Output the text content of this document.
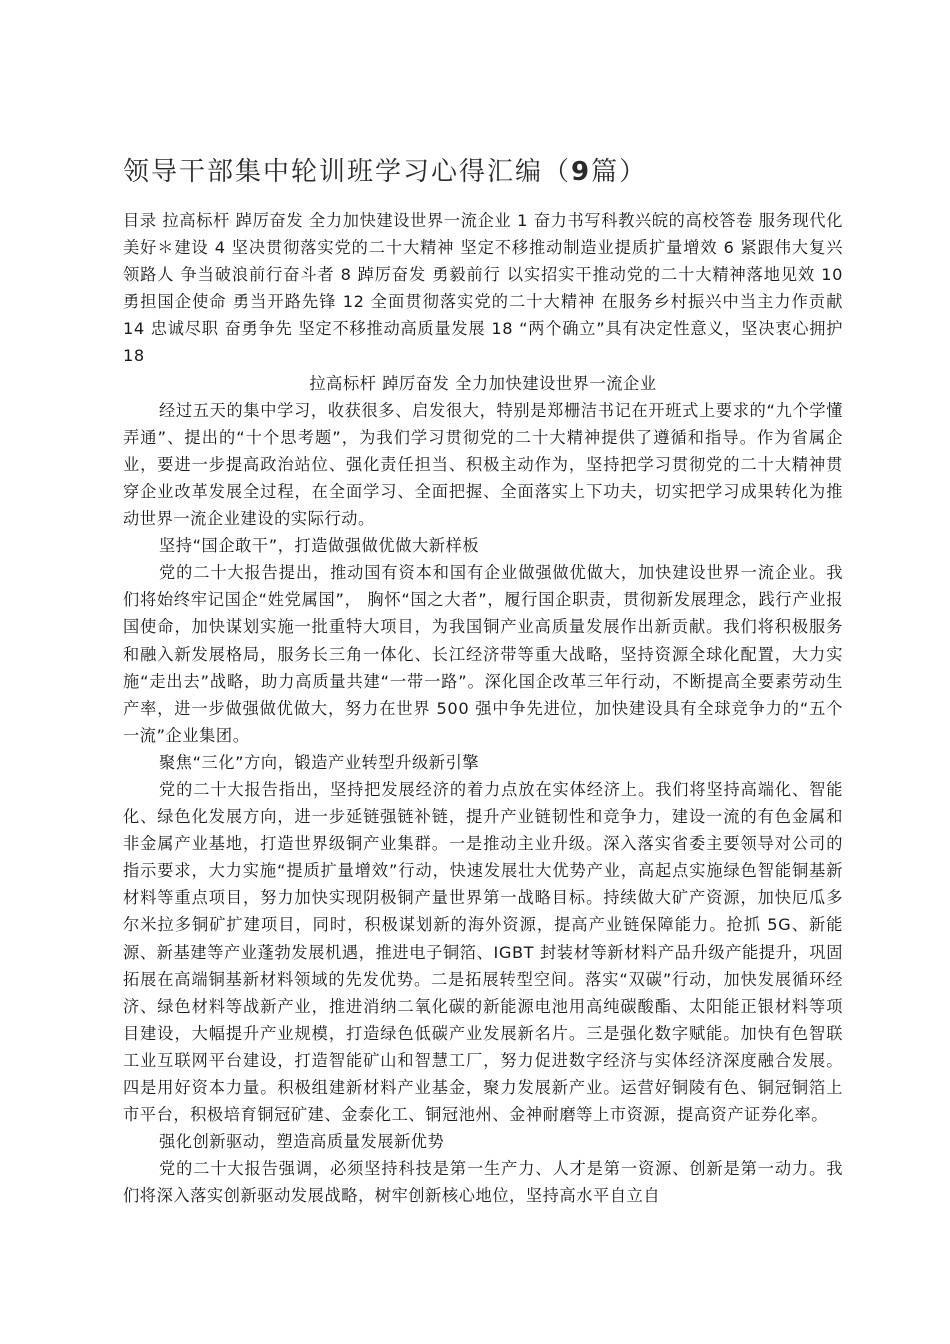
领导干部集中轮训班学习心得汇编（9篇）

目录 拉高标杆 踔厉奋发 全力加快建设世界一流企业 1 奋力书写科教兴皖的高校答卷 服务现代化美好＊建设 4 坚决贯彻落实党的二十大精神 坚定不移推动制造业提质扩量增效 6 紧跟伟大复兴领路人 争当破浪前行奋斗者 8 踔厉奋发 勇毅前行 以实招实干推动党的二十大精神落地见效 10 勇担国企使命 勇当开路先锋 12 全面贯彻落实党的二十大精神 在服务乡村振兴中当主力作贡献 14 忠诚尽职 奋勇争先 坚定不移推动高质量发展 18 “两个确立”具有决定性意义，坚决衷心拥护 18

拉高标杆 踔厉奋发 全力加快建设世界一流企业

经过五天的集中学习，收获很多、启发很大，特别是郑栅洁书记在开班式上要求的“九个学懂弄通”、提出的“十个思考题”，为我们学习贯彻党的二十大精神提供了遵循和指导。作为省属企业，要进一步提高政治站位、强化责任担当、积极主动作为，坚持把学习贯彻党的二十大精神贯穿企业改革发展全过程，在全面学习、全面把握、全面落实上下功夫，切实把学习成果转化为推动世界一流企业建设的实际行动。

坚持“国企敢干”，打造做强做优做大新样板

党的二十大报告提出，推动国有资本和国有企业做强做优做大，加快建设世界一流企业。我们将始终牢记国企“姓党属国”， 胸怀“国之大者”，履行国企职责，贯彻新发展理念，践行产业报国使命，加快谋划实施一批重特大项目，为我国铜产业高质量发展作出新贡献。我们将积极服务和融入新发展格局，服务长三角一体化、长江经济带等重大战略，坚持资源全球化配置，大力实施“走出去”战略，助力高质量共建“一带一路”。深化国企改革三年行动，不断提高全要素劳动生产率，进一步做强做优做大，努力在世界 500 强中争先进位，加快建设具有全球竞争力的“五个一流”企业集团。

聚焦“三化”方向，锻造产业转型升级新引擎

党的二十大报告指出，坚持把发展经济的着力点放在实体经济上。我们将坚持高端化、智能化、绿色化发展方向，进一步延链强链补链，提升产业链韧性和竞争力，建设一流的有色金属和非金属产业基地，打造世界级铜产业集群。一是推动主业升级。深入落实省委主要领导对公司的指示要求，大力实施“提质扩量增效”行动，快速发展壮大优势产业，高起点实施绿色智能铜基新材料等重点项目，努力加快实现阴极铜产量世界第一战略目标。持续做大矿产资源，加快厄瓜多尔米拉多铜矿扩建项目，同时，积极谋划新的海外资源，提高产业链保障能力。抢抓 5G、新能源、新基建等产业蓬勃发展机遇，推进电子铜箔、IGBT 封装材等新材料产品升级产能提升，巩固拓展在高端铜基新材料领域的先发优势。二是拓展转型空间。落实“双碳”行动，加快发展循环经济、绿色材料等战新产业，推进消纳二氧化碳的新能源电池用高纯碳酸酯、太阳能正银材料等项目建设，大幅提升产业规模，打造绿色低碳产业发展新名片。三是强化数字赋能。加快有色智联工业互联网平台建设，打造智能矿山和智慧工厂，努力促进数字经济与实体经济深度融合发展。四是用好资本力量。积极组建新材料产业基金，聚力发展新产业。运营好铜陵有色、铜冠铜箔上市平台，积极培育铜冠矿建、金泰化工、铜冠池州、金神耐磨等上市资源，提高资产证券化率。

强化创新驱动，塑造高质量发展新优势

党的二十大报告强调，必须坚持科技是第一生产力、人才是第一资源、创新是第一动力。我们将深入落实创新驱动发展战略，树牢创新核心地位，坚持高水平自立自
